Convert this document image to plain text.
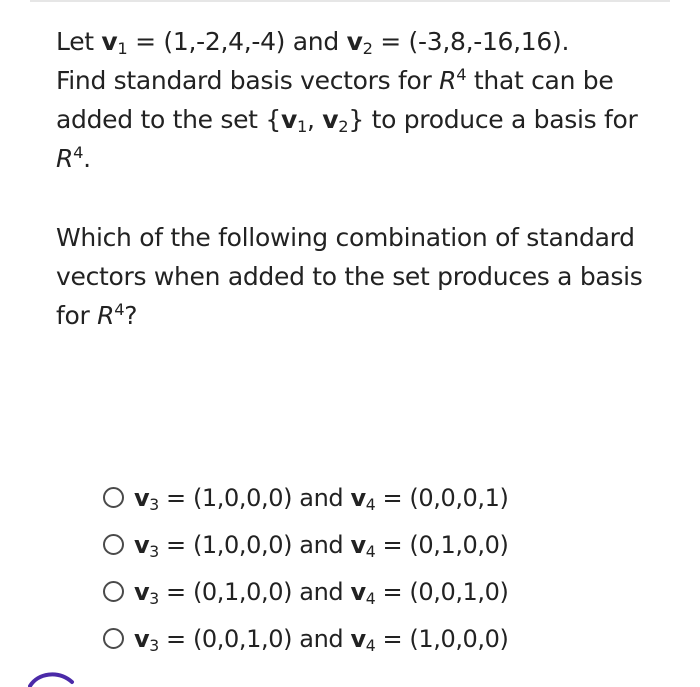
Let $v_1 = (1,-2,4,-4)$ and $v_2 = (-3,8,-16,16)$.
Find standard basis vectors for $R^4$ that can be added to the set {$v_1$, $v_2$} to produce a basis for
$R^4$.

Which of the following combination of standard vectors when added to the set produces a basis for $R^4$?

$v_3 = (1,0,0,0)$ and $v_4 = (0,0,0,1)$
$v_3 = (1,0,0,0)$ and $v_4 = (0,1,0,0)$
$v_3 = (0,1,0,0)$ and $v_4 = (0,0,1,0)$
$v_3 = (0,0,1,0)$ and $v_4 = (1,0,0,0)$
